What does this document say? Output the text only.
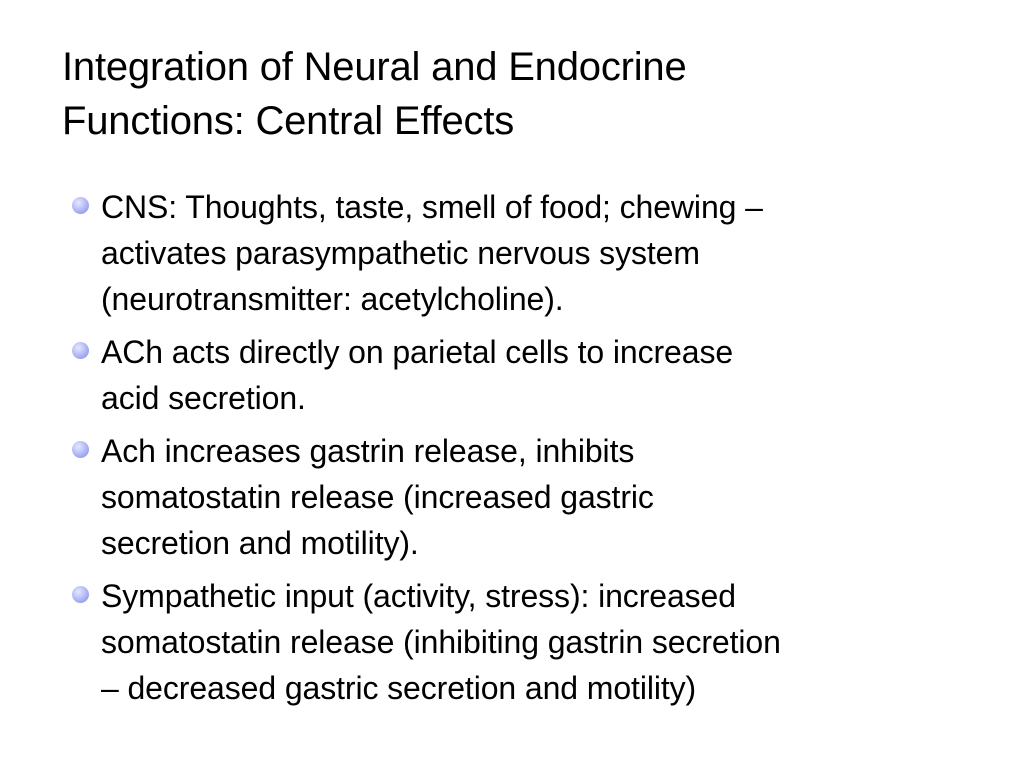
Integration of Neural and Endocrine
Functions: Central Effects
CNS: Thoughts, taste, smell of food; chewing –
activates parasympathetic nervous system
(neurotransmitter: acetylcholine).
ACh acts directly on parietal cells to increase
acid secretion.
Ach increases gastrin release, inhibits
somatostatin release (increased gastric
secretion and motility).
Sympathetic input (activity, stress): increased
somatostatin release (inhibiting gastrin secretion
– decreased gastric secretion and motility)
